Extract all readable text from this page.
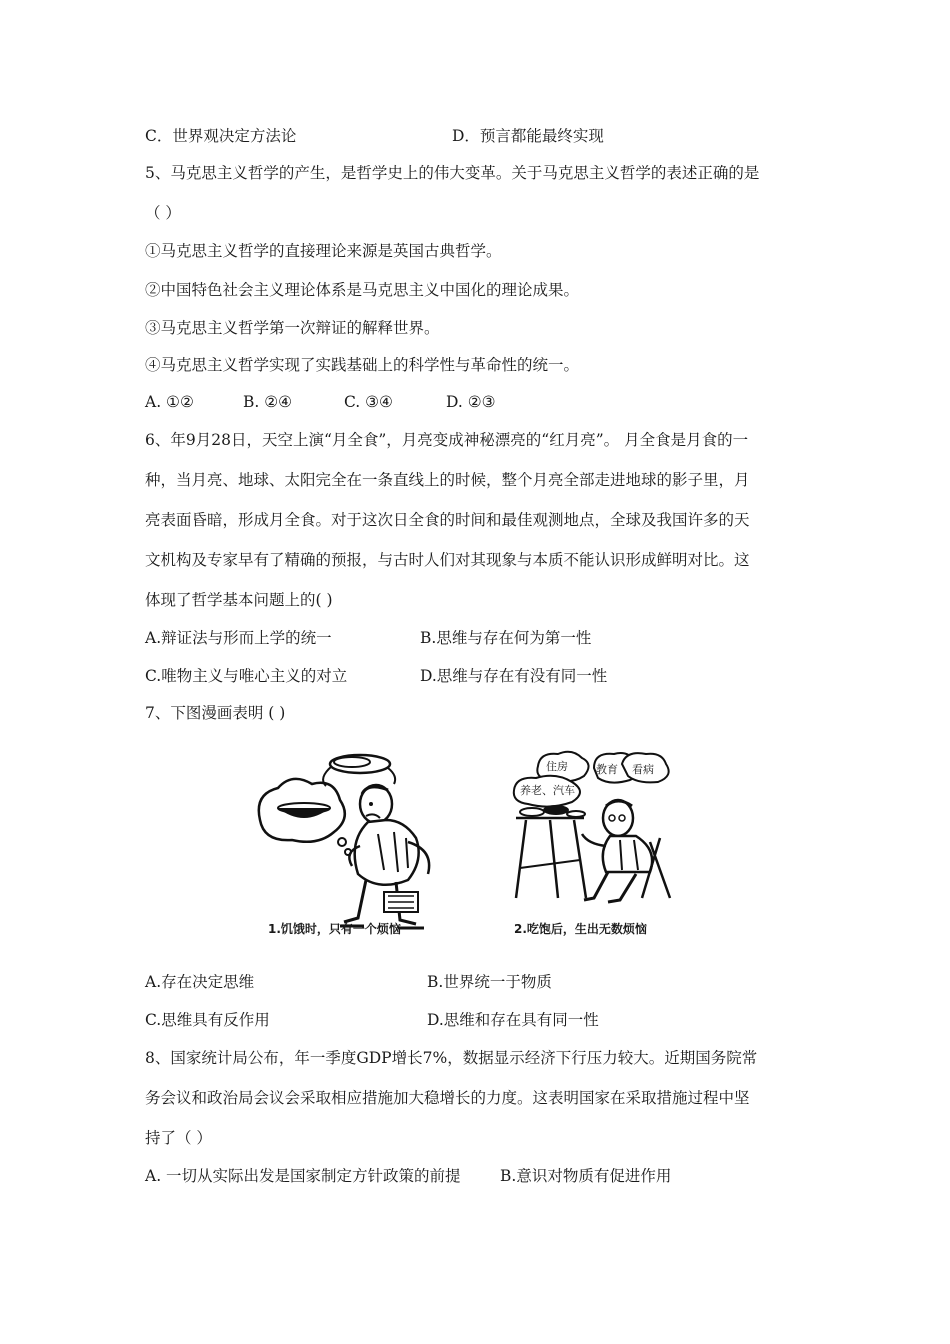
C．世界观决定方法论	D．预言都能最终实现
5、马克思主义哲学的产生，是哲学史上的伟大变革。关于马克思主义哲学的表述正确的是
（ ）
①马克思主义哲学的直接理论来源是英国古典哲学。
②中国特色社会主义理论体系是马克思主义中国化的理论成果。
③马克思主义哲学第一次辩证的解释世界。
④马克思主义哲学实现了实践基础上的科学性与革命性的统一。
A. ①②	B. ②④	C. ③④	D. ②③
6、年9月28日，天空上演“月全食”，月亮变成神秘漂亮的“红月亮”。 月全食是月食的一
种，当月亮、地球、太阳完全在一条直线上的时候，整个月亮全部走进地球的影子里，月
亮表面昏暗，形成月全食。对于这次日全食的时间和最佳观测地点，全球及我国许多的天
文机构及专家早有了精确的预报，与古时人们对其现象与本质不能认识形成鲜明对比。这
体现了哲学基本问题上的( )
A.辩证法与形而上学的统一	B.思维与存在何为第一性
C.唯物主义与唯心主义的对立	D.思维与存在有没有同一性
7、下图漫画表明 ( )
1.饥饿时，只有一个烦恼
住房	教育 看病
养老、汽车
2.吃饱后，生出无数烦恼
A.存在决定思维	B.世界统一于物质
C.思维具有反作用	D.思维和存在具有同一性
8、国家统计局公布，年一季度GDP增长7%，数据显示经济下行压力较大。近期国务院常
务会议和政治局会议会采取相应措施加大稳增长的力度。这表明国家在采取措施过程中坚
持了（ ）
A. 一切从实际出发是国家制定方针政策的前提	B.意识对物质有促进作用
